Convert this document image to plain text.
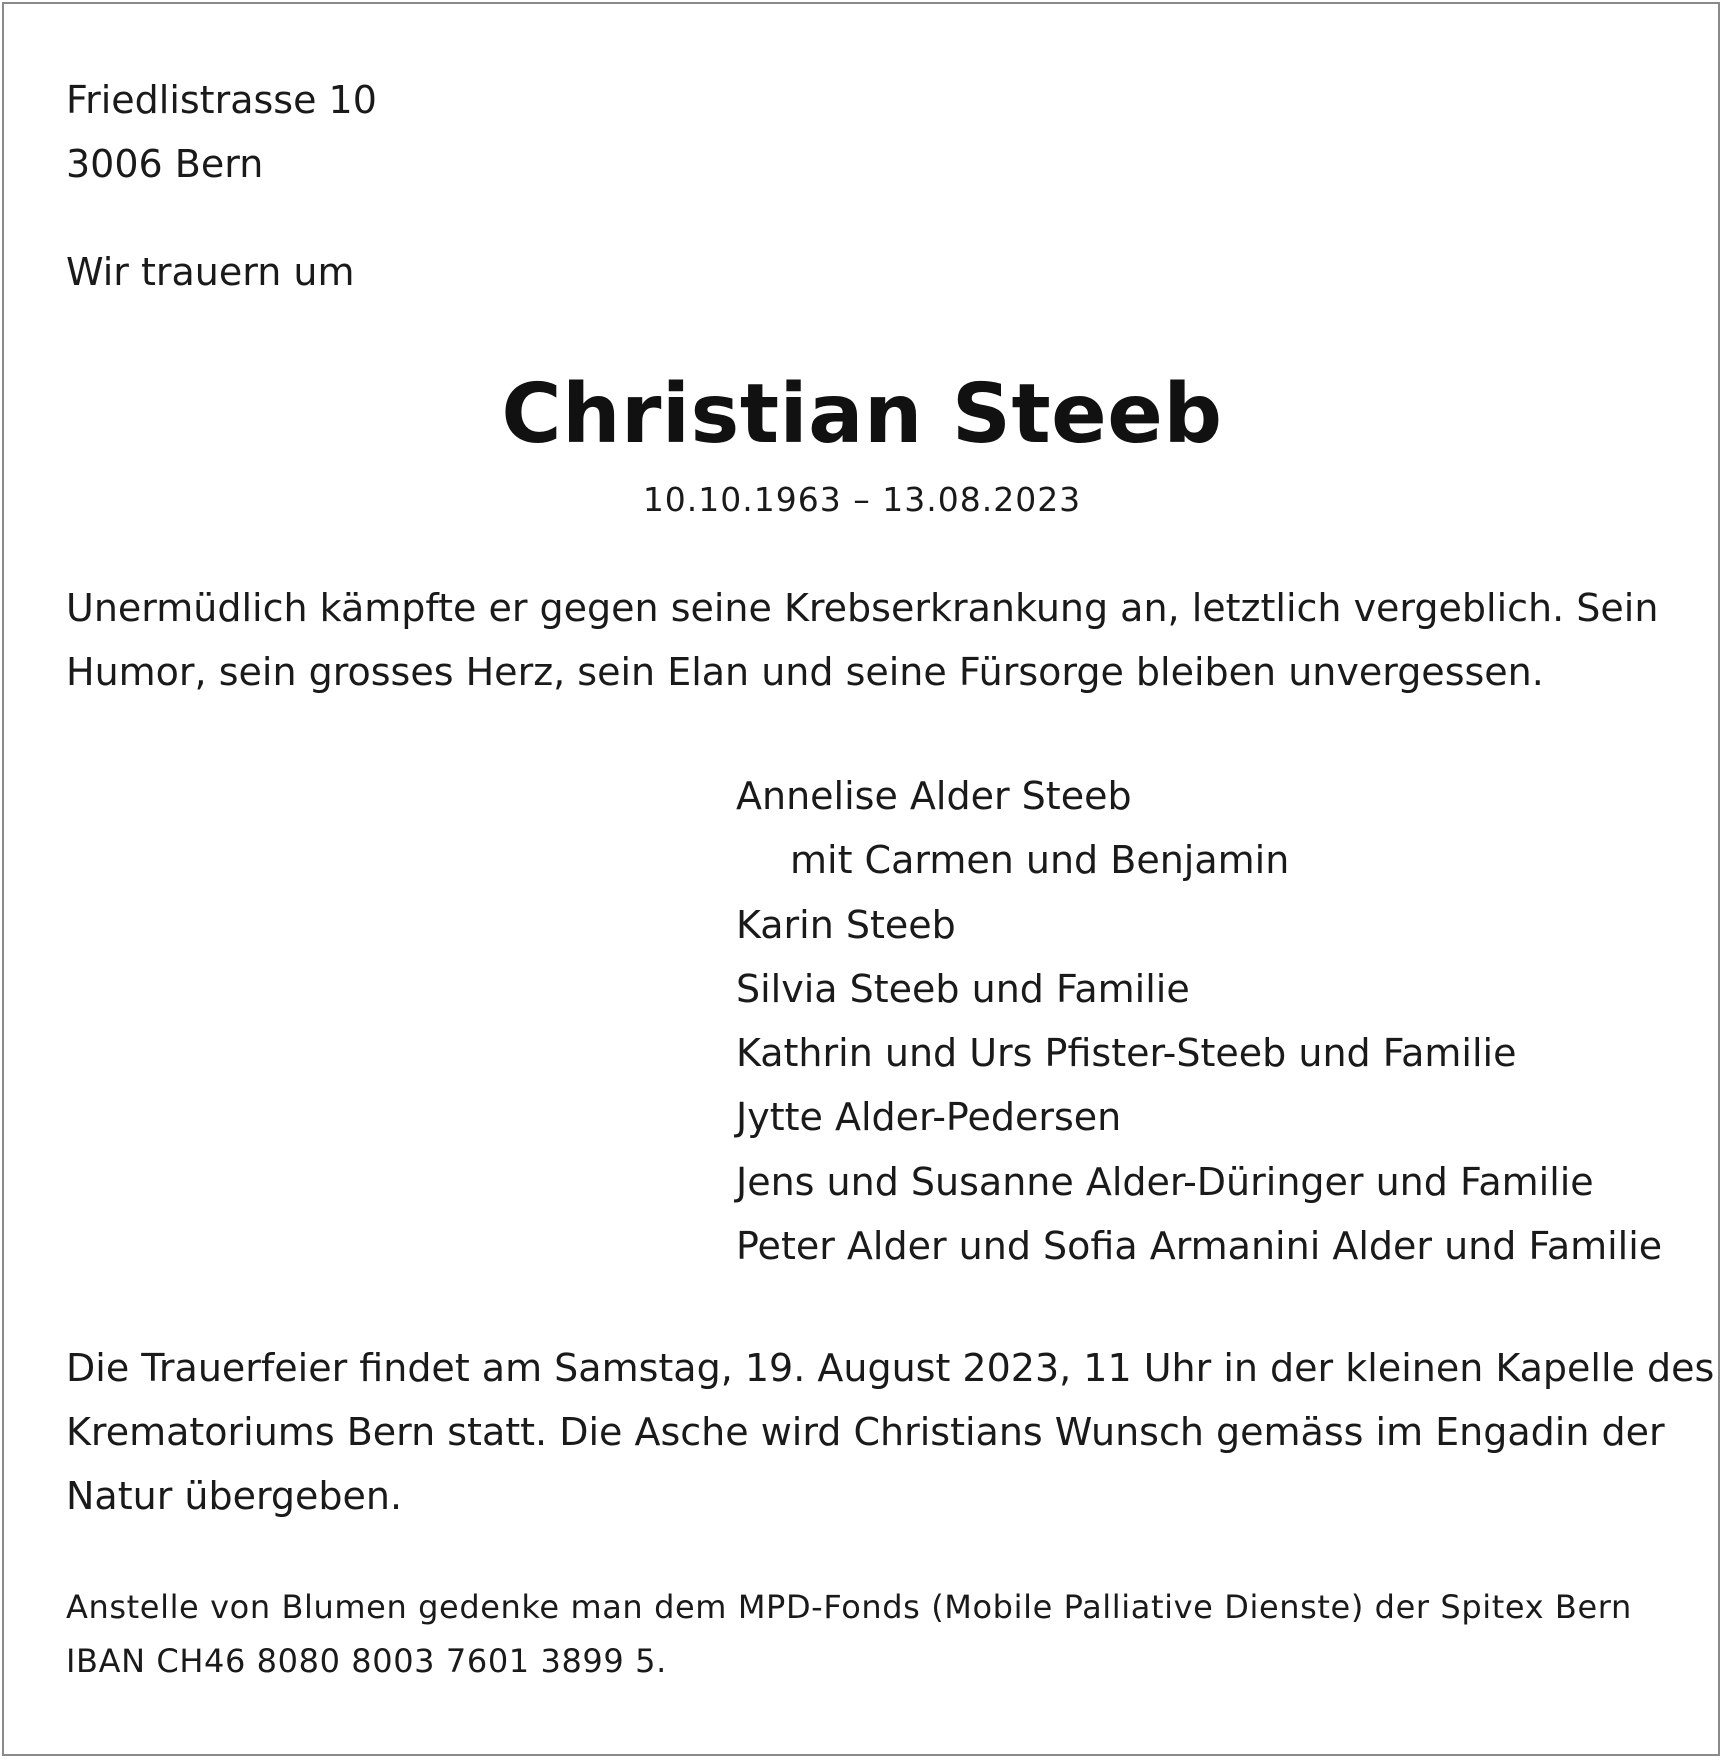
Friedlistrasse 10
3006 Bern
Wir trauern um
Christian Steeb
10.10.1963 – 13.08.2023
Unermüdlich kämpfte er gegen seine Krebserkrankung an, letztlich vergeblich. Sein
Humor, sein grosses Herz, sein Elan und seine Fürsorge bleiben unvergessen.
Annelise Alder Steeb
mit Carmen und Benjamin
Karin Steeb
Silvia Steeb und Familie
Kathrin und Urs Pfister-Steeb und Familie
Jytte Alder-Pedersen
Jens und Susanne Alder-Düringer und Familie
Peter Alder und Sofia Armanini Alder und Familie
Die Trauerfeier findet am Samstag, 19. August 2023, 11 Uhr in der kleinen Kapelle des
Krematoriums Bern statt. Die Asche wird Christians Wunsch gemäss im Engadin der
Natur übergeben.
Anstelle von Blumen gedenke man dem MPD-Fonds (Mobile Palliative Dienste) der Spitex Bern
IBAN CH46 8080 8003 7601 3899 5.
